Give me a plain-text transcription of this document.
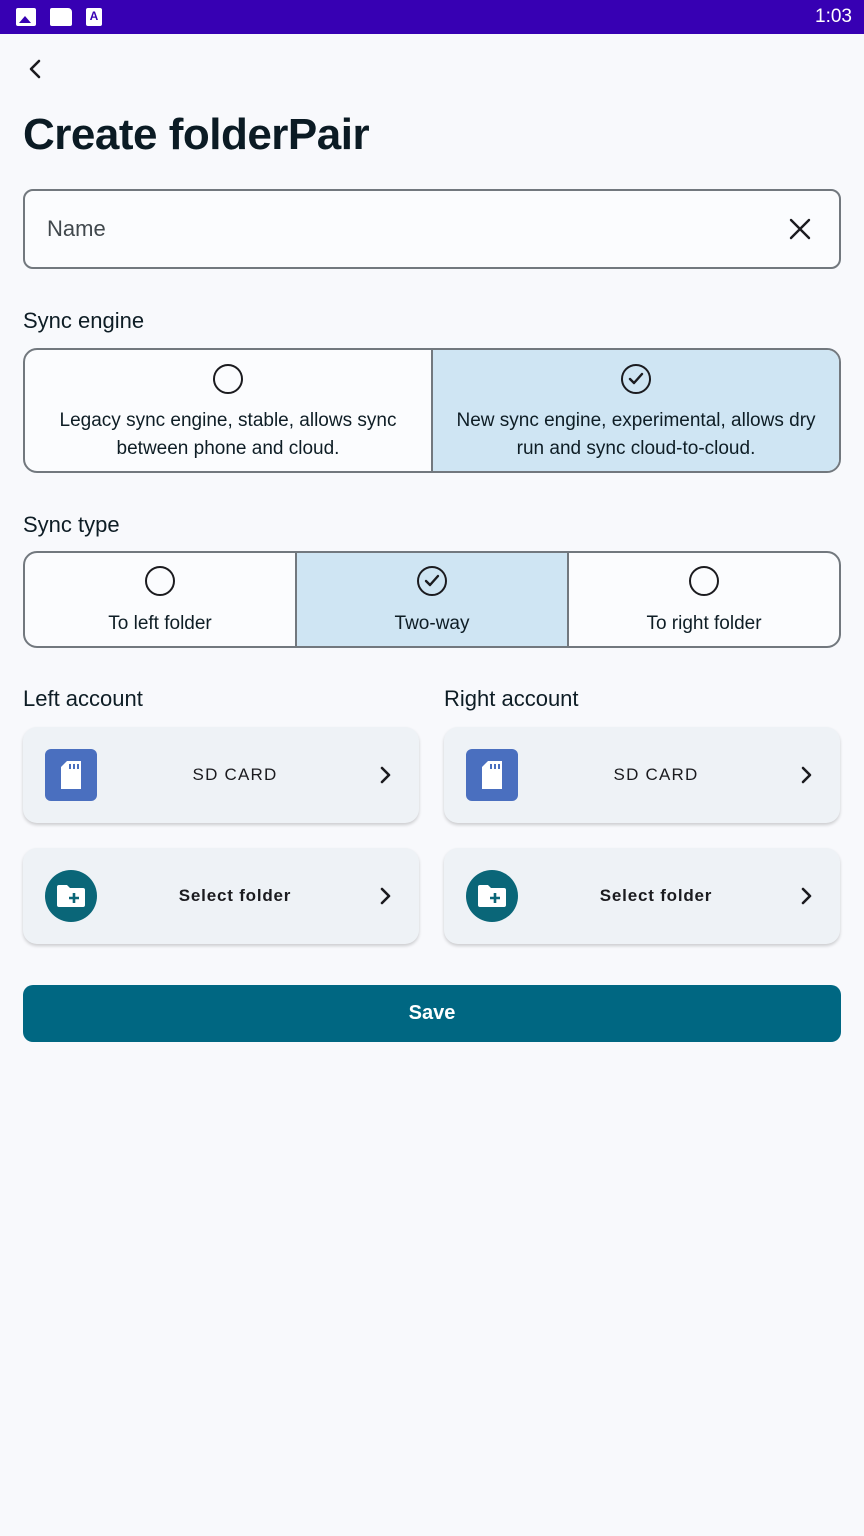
A
1:03
Create folderPair
Name
Sync engine
Legacy sync engine, stable, allows sync between phone and cloud.
New sync engine, experimental, allows dry run and sync cloud-to-cloud.
Sync type
To left folder	Two-way	To right folder
Left account	Right account
SD CARD
Select folder
SD CARD
Select folder
Save
